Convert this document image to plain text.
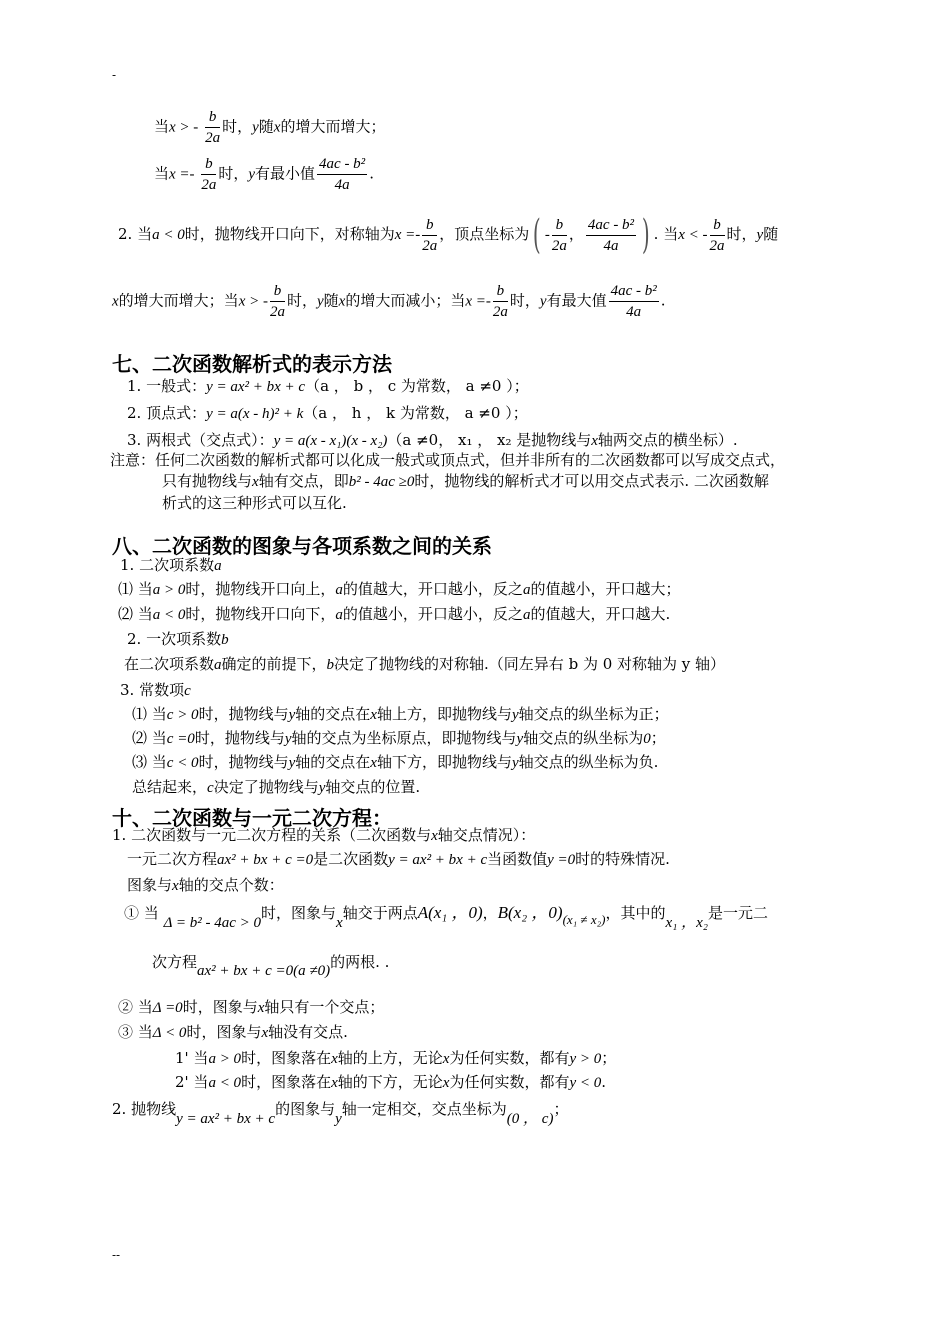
-
当x > - $\frac{b}{2a}$ 时，y随x的增大而增大；
当$x =- \frac{b}{2a}$ 时，y有最小值 $\frac{\text{4ac - b²}}{4a}$ .
2. 当a < 0时，抛物线开口向下，对称轴为$x =- \frac{b}{2a}$ ，顶点坐标为( - $\frac{b}{2a}$ ， $\frac{\text{4ac - b²}}{4a}$ ) . 当x < - $\frac{b}{2a}$ 时，y随
x的增大而增大；当x > - $\frac{b}{2a}$ 时，y随x的增大而减小；当$x =- \frac{b}{2a}$ 时，y有最大值 $\frac{\text{4ac - b²}}{4a}$ .
七、二次函数解析式的表示方法
1. 一般式：y = ax² + bx + c（a ， b ， c 为常数， a ≠0 ）；
2. 顶点式：y = a(x - h)² + k（a ， h ， k 为常数， a ≠0 ）；
3. 两根式（交点式）：y = a(x - x₁)(x - x₂)（a ≠0， x₁ ， x₂ 是抛物线与x轴两交点的横坐标）.
注意：任何二次函数的解析式都可以化成一般式或顶点式，但并非所有的二次函数都可以写成交点式，
只有抛物线与x轴有交点，即b² - 4ac ≥0时，抛物线的解析式才可以用交点式表示. 二次函数解
析式的这三种形式可以互化.
八、二次函数的图象与各项系数之间的关系
1. 二次项系数a
⑴ 当a > 0时，抛物线开口向上，a的值越大，开口越小，反之a的值越小，开口越大；
⑵ 当a < 0时，抛物线开口向下，a的值越小，开口越小，反之a的值越大，开口越大.
2. 一次项系数b
在二次项系数a确定的前提下，b决定了抛物线的对称轴.（同左异右 b 为 0 对称轴为 y 轴）
3. 常数项c
⑴ 当c > 0时，抛物线与y轴的交点在x轴上方，即抛物线与y轴交点的纵坐标为正；
⑵ 当c =0时，抛物线与y轴的交点为坐标原点，即抛物线与y轴交点的纵坐标为0；
⑶ 当c < 0时，抛物线与y轴的交点在x轴下方，即抛物线与y轴交点的纵坐标为负.
总结起来，c决定了抛物线与y轴交点的位置.
十、二次函数与一元二次方程：
1. 二次函数与一元二次方程的关系（二次函数与x轴交点情况）：
一元二次方程ax² + bx + c =0是二次函数y = ax² + bx + c当函数值y =0时的特殊情况.
图象与x轴的交点个数：
① 当 Δ = b² - 4ac > 0时，图象与x轴交于两点A(x₁ ，0)，B(x₂ ，0)(x₁ ≠ x₂)，其中的x₁ ，x₂是一元二
次方程ax² + bx + c =0(a ≠0)的两根. .
② 当Δ =0时，图象与x轴只有一个交点；
③ 当Δ < 0时，图象与x轴没有交点.
1' 当a > 0时，图象落在x轴的上方，无论x为任何实数，都有y > 0；
2' 当a < 0时，图象落在x轴的下方，无论x为任何实数，都有y < 0.
2. 抛物线y = ax² + bx + c的图象与y轴一定相交，交点坐标为(0 ， c)；
--
